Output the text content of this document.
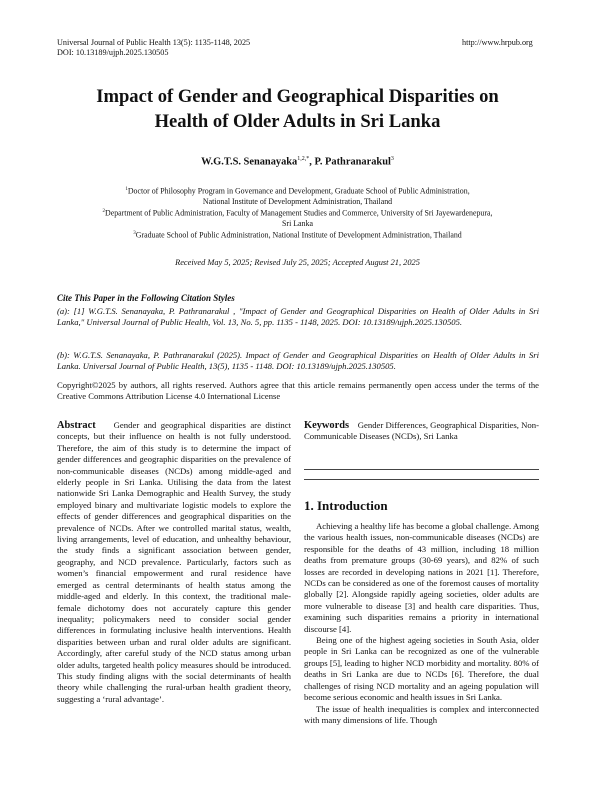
Universal Journal of Public Health 13(5): 1135-1148, 2025
DOI: 10.13189/ujph.2025.130505
http://www.hrpub.org
Impact of Gender and Geographical Disparities on
Health of Older Adults in Sri Lanka
W.G.T.S. Senanayaka$^{1,2,*}$, P. Pathranarakul$^3$
$^1$Doctor of Philosophy Program in Governance and Development, Graduate School of Public Administration,
National Institute of Development Administration, Thailand
$^2$Department of Public Administration, Faculty of Management Studies and Commerce, University of Sri Jayewardenepura,
Sri Lanka
$^3$Graduate School of Public Administration, National Institute of Development Administration, Thailand
Received May 5, 2025; Revised July 25, 2025; Accepted August 21, 2025
Cite This Paper in the Following Citation Styles
(a): [1] W.G.T.S. Senanayaka, P. Pathranarakul , "Impact of Gender and Geographical Disparities on Health of Older Adults in Sri Lanka," Universal Journal of Public Health, Vol. 13, No. 5, pp. 1135 - 1148, 2025. DOI: 10.13189/ujph.2025.130505.
(b): W.G.T.S. Senanayaka, P. Pathranarakul (2025). Impact of Gender and Geographical Disparities on Health of Older Adults in Sri Lanka. Universal Journal of Public Health, 13(5), 1135 - 1148. DOI: 10.13189/ujph.2025.130505.
Copyright©2025 by authors, all rights reserved. Authors agree that this article remains permanently open access under the terms of the Creative Commons Attribution License 4.0 International License
Abstract Gender and geographical disparities are distinct concepts, but their influence on health is not fully understood. Therefore, the aim of this study is to determine the impact of gender differences and geographic disparities on the prevalence of non-communicable diseases (NCDs) among middle-aged and elderly people in Sri Lanka. Utilising the data from the latest nationwide Sri Lanka Demographic and Health Survey, the study employed binary and multivariate logistic models to explore the effects of gender differences and geographical disparities on the prevalence of NCDs. After we controlled marital status, wealth, living arrangements, level of education, and unhealthy behaviour, the study finds a significant association between gender, geography, and NCD prevalence. Particularly, factors such as women’s financial empowerment and rural residence have emerged as central determinants of health status among the middle-aged and elderly. In this context, the traditional male-female dichotomy does not accurately capture this gender inequality; policymakers need to consider social gender differences in formulating inclusive health interventions. Health disparities between urban and rural older adults are significant. Accordingly, after careful study of the NCD status among urban older adults, targeted health policy measures should be introduced. This study finding aligns with the social determinants of health theory while challenging the rural-urban health gradient theory, suggesting a ‘rural advantage’.
Keywords Gender Differences, Geographical Disparities, Non-Communicable Diseases (NCDs), Sri Lanka
1. Introduction

Achieving a healthy life has become a global challenge. Among the various health issues, non-communicable diseases (NCDs) are responsible for the deaths of 43 million, including 18 million deaths from premature groups (30-69 years), and 82% of such losses are recorded in developing nations in 2021 [1]. Therefore, NCDs can be considered as one of the foremost causes of mortality globally [2]. Alongside rapidly ageing societies, older adults are more vulnerable to disease [3] and health care disparities. Thus, examining such disparities remains a priority in international discourse [4].

Being one of the highest ageing societies in South Asia, older people in Sri Lanka can be recognized as one of the vulnerable groups [5], leading to higher NCD morbidity and mortality. 80% of deaths in Sri Lanka are due to NCDs [6]. Therefore, the dual challenges of rising NCD mortality and an ageing population will become serious economic and health issues in Sri Lanka.

The issue of health inequalities is complex and interconnected with many dimensions of life. Though
